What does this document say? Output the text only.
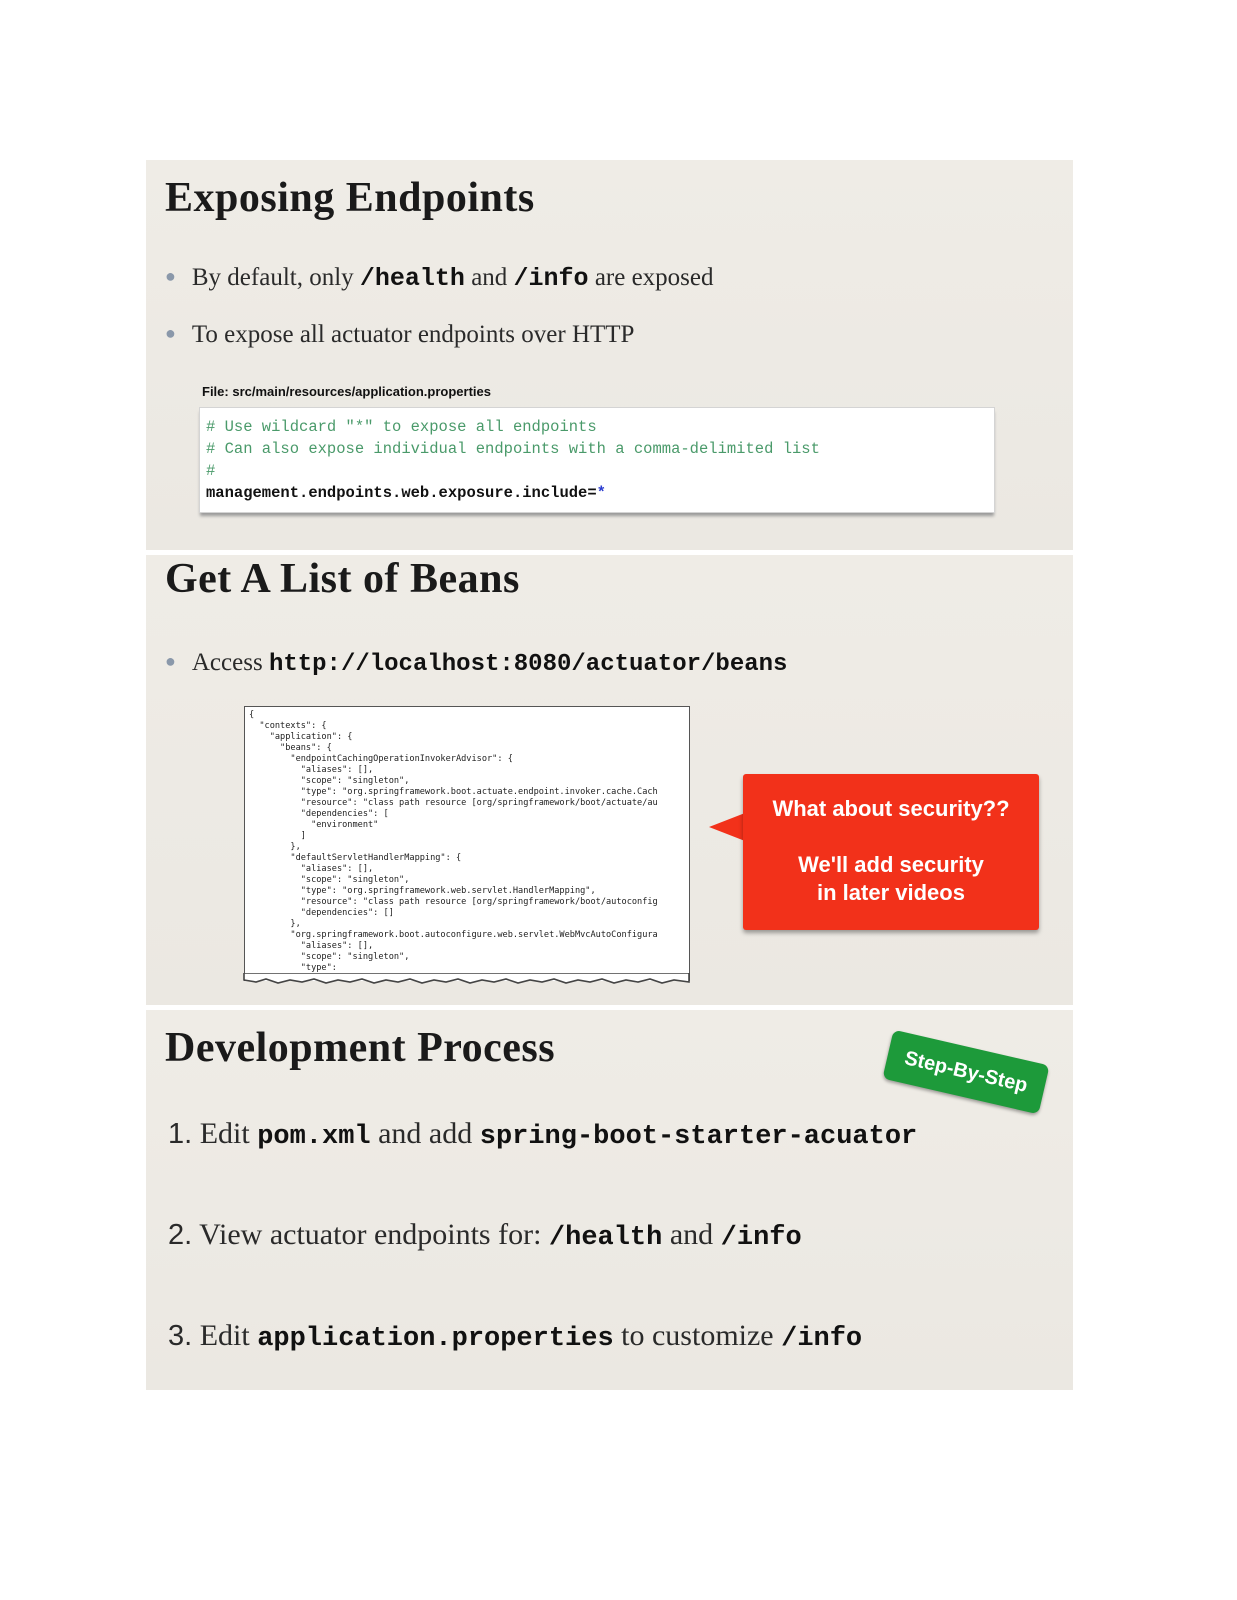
Exposing Endpoints
● By default, only /health and /info are exposed
● To expose all actuator endpoints over HTTP
File: src/main/resources/application.properties
# Use wildcard "*" to expose all endpoints
# Can also expose individual endpoints with a comma-delimited list
#
management.endpoints.web.exposure.include=*
Get A List of Beans
● Access http://localhost:8080/actuator/beans
{
"contexts": {
"application": {
"beans": {
"endpointCachingOperationInvokerAdvisor": {
"aliases": [],
"scope": "singleton",
"type": "org.springframework.boot.actuate.endpoint.invoker.cache.Cach
"resource": "class path resource [org/springframework/boot/actuate/au
"dependencies": [
"environment"
]
},
"defaultServletHandlerMapping": {
"aliases": [],
"scope": "singleton",
"type": "org.springframework.web.servlet.HandlerMapping",
"resource": "class path resource [org/springframework/boot/autoconfig
"dependencies": []
},
"org.springframework.boot.autoconfigure.web.servlet.WebMvcAutoConfigura
"aliases": [],
"scope": "singleton",
"type":
What about security??
We'll add security
in later videos
Development Process	Step-By-Step
1. Edit pom.xml and add spring-boot-starter-acuator
2. View actuator endpoints for: /health and /info
3. Edit application.properties to customize /info
